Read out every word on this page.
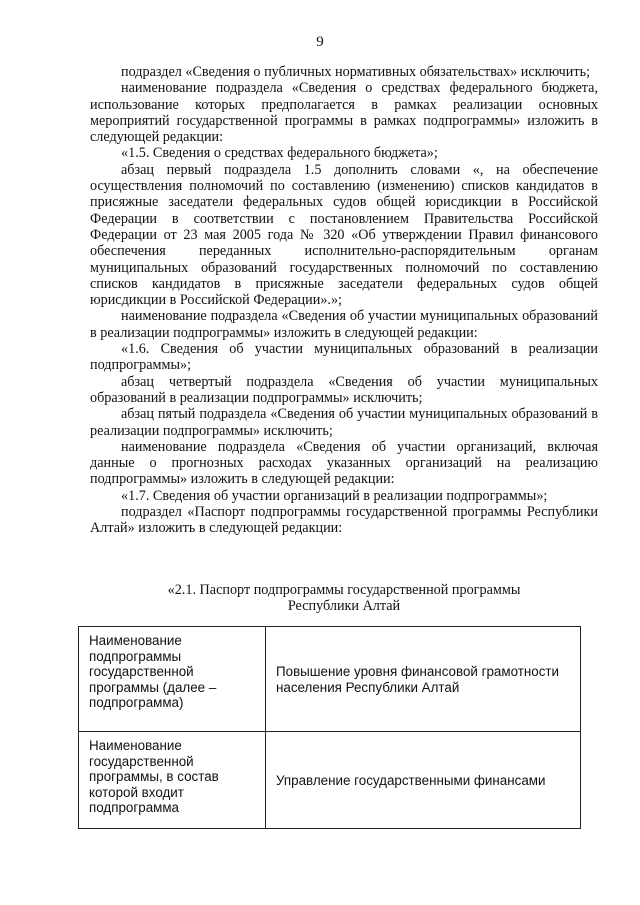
9

подраздел «Сведения о публичных нормативных обязательствах» исключить;

наименование подраздела «Сведения о средствах федерального бюджета, использование которых предполагается в рамках реализации основных мероприятий государственной программы в рамках подпрограммы» изложить в следующей редакции:

«1.5. Сведения о средствах федерального бюджета»;

абзац первый подраздела 1.5 дополнить словами «, на обеспечение осуществления полномочий по составлению (изменению) списков кандидатов в присяжные заседатели федеральных судов общей юрисдикции в Российской Федерации в соответствии с постановлением Правительства Российской Федерации от 23 мая 2005 года № 320 «Об утверждении Правил финансового обеспечения переданных исполнительно-распорядительным органам муниципальных образований государственных полномочий по составлению списков кандидатов в присяжные заседатели федеральных судов общей юрисдикции в Российской Федерации».»;

наименование подраздела «Сведения об участии муниципальных образований в реализации подпрограммы» изложить в следующей редакции:

«1.6. Сведения об участии муниципальных образований в реализации подпрограммы»;

абзац четвертый подраздела «Сведения об участии муниципальных образований в реализации подпрограммы» исключить;

абзац пятый подраздела «Сведения об участии муниципальных образований в реализации подпрограммы» исключить;

наименование подраздела «Сведения об участии организаций, включая данные о прогнозных расходах указанных организаций на реализацию подпрограммы» изложить в следующей редакции:

«1.7. Сведения об участии организаций в реализации подпрограммы»;

подраздел «Паспорт подпрограммы государственной программы Республики Алтай» изложить в следующей редакции:

«2.1. Паспорт подпрограммы государственной программы
Республики Алтай
Наименование подпрограммы государственной программы (далее – подпрограмма)	Повышение уровня финансовой грамотности населения Республики Алтай
Наименование государственной программы, в состав которой входит подпрограмма	Управление государственными финансами
